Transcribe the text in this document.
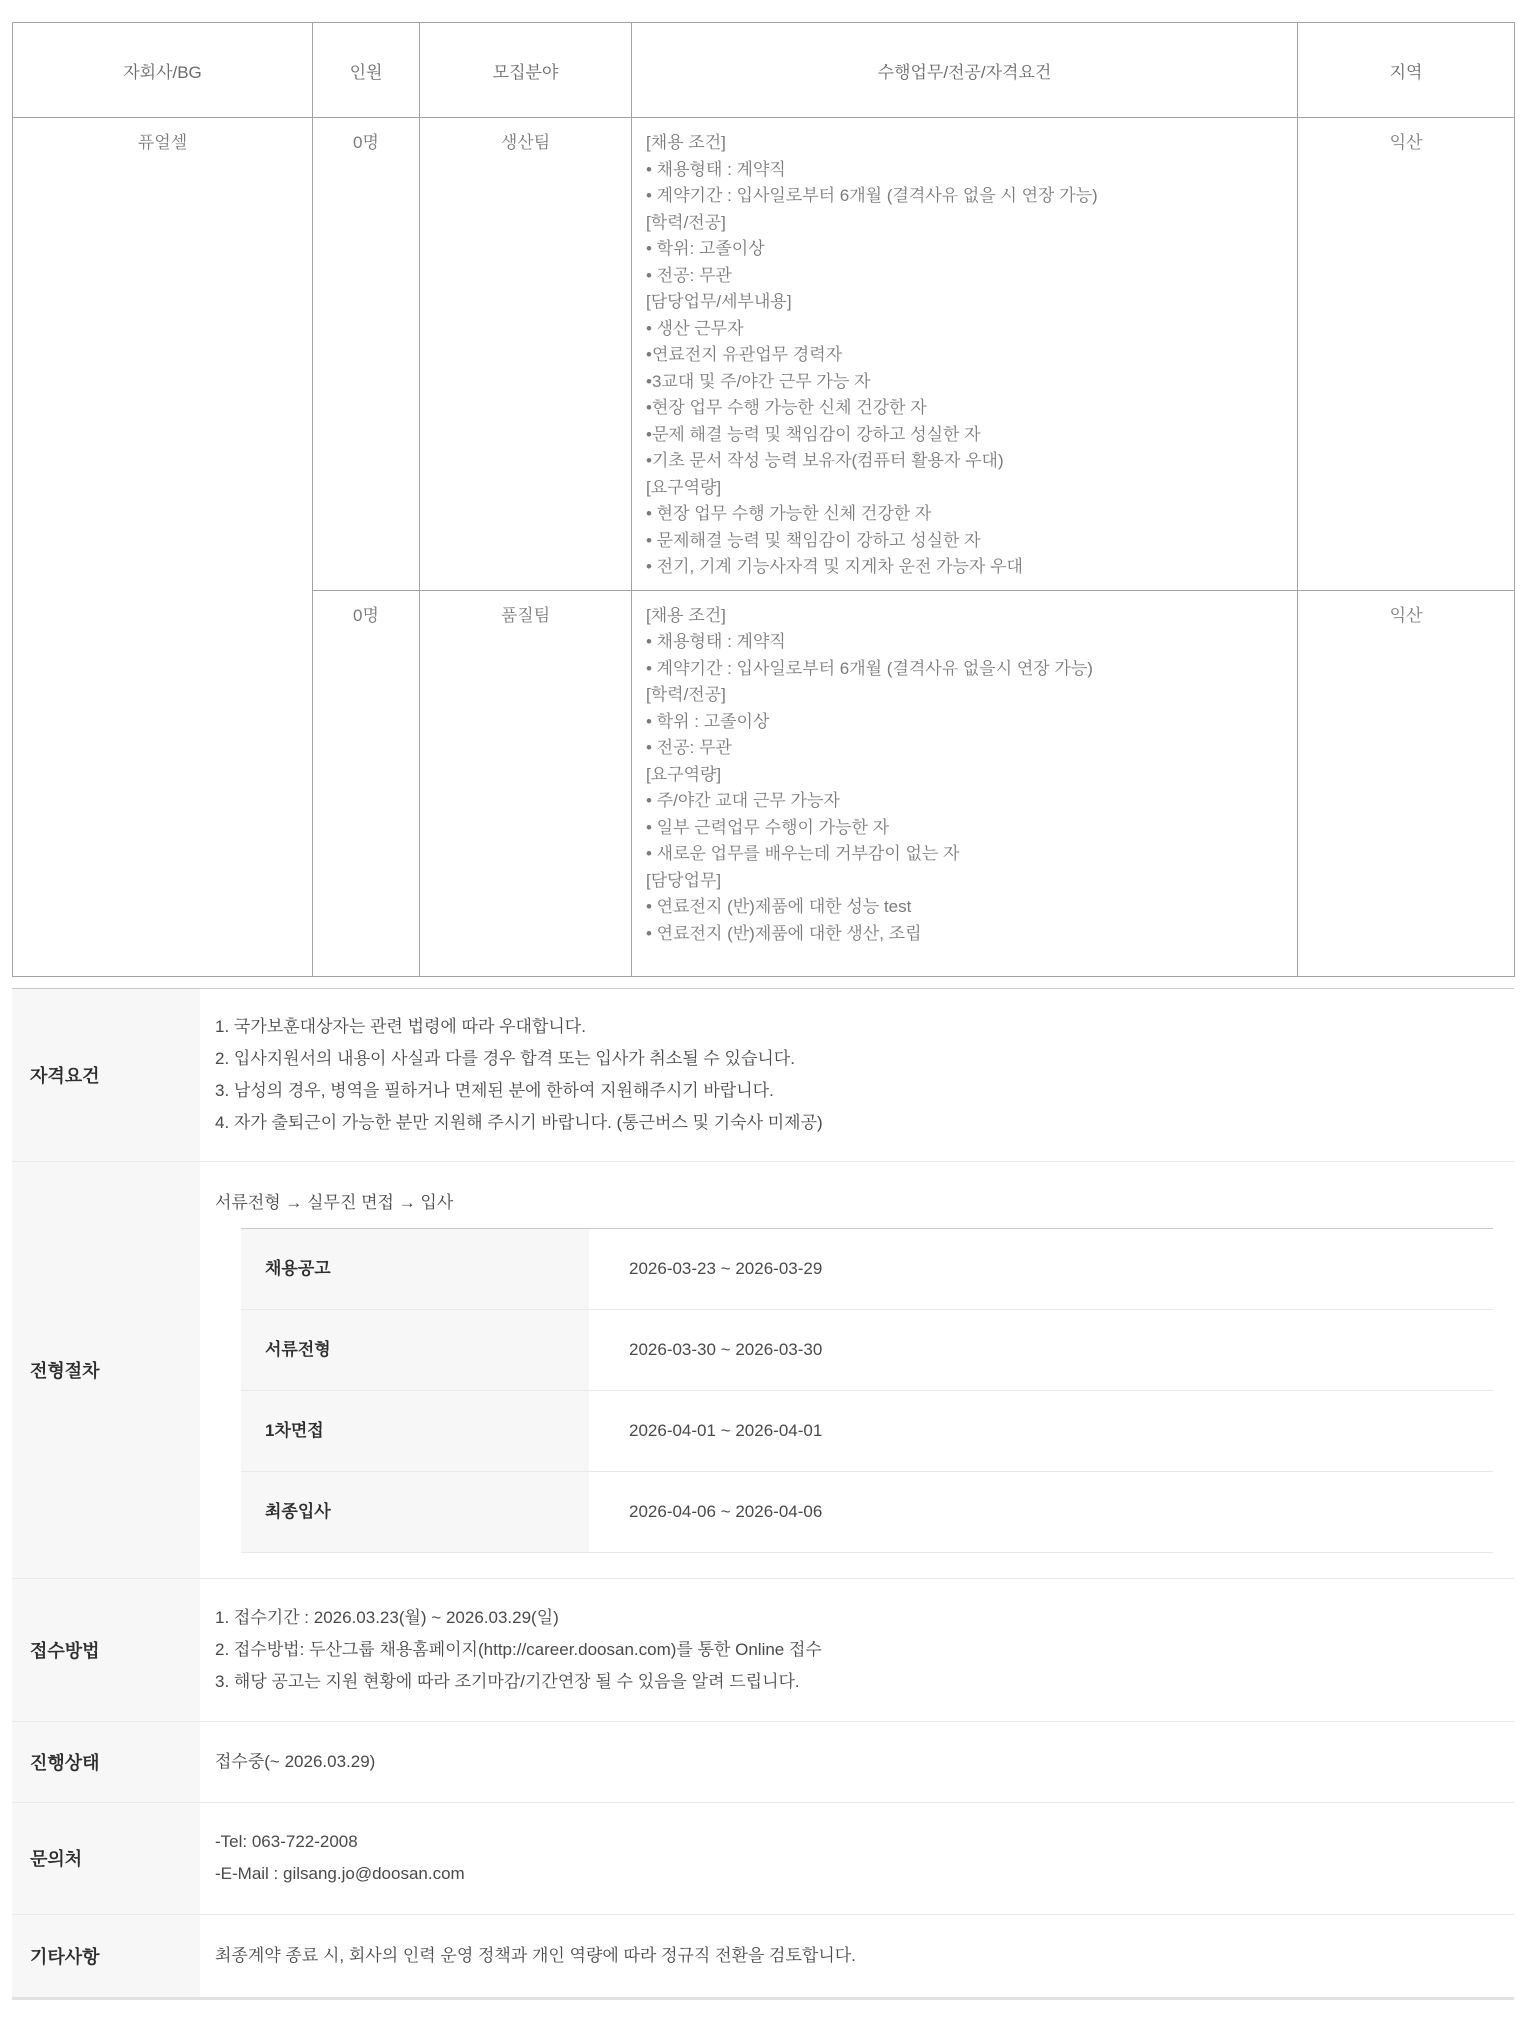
자회사/BG	인원	모집분야	수행업무/전공/자격요건	지역
퓨얼셀	0명	생산팀	[채용 조건]
• 채용형태 : 계약직
• 계약기간 : 입사일로부터 6개월 (결격사유 없을 시 연장 가능)
[학력/전공]
• 학위: 고졸이상
• 전공: 무관
[담당업무/세부내용]
• 생산 근무자
•연료전지 유관업무 경력자
•3교대 및 주/야간 근무 가능 자
•현장 업무 수행 가능한 신체 건강한 자
•문제 해결 능력 및 책임감이 강하고 성실한 자
•기초 문서 작성 능력 보유자(컴퓨터 활용자 우대)
[요구역량]
• 현장 업무 수행 가능한 신체 건강한 자
• 문제해결 능력 및 책임감이 강하고 성실한 자
• 전기, 기계 기능사자격 및 지게차 운전 가능자 우대
	익산
0명	품질팀	[채용 조건]
• 채용형태 : 계약직
• 계약기간 : 입사일로부터 6개월 (결격사유 없을시 연장 가능)
[학력/전공]
• 학위 : 고졸이상
• 전공: 무관
[요구역량]
• 주/야간 교대 근무 가능자
• 일부 근력업무 수행이 가능한 자
• 새로운 업무를 배우는데 거부감이 없는 자
[담당업무]
• 연료전지 (반)제품에 대한 성능 test
• 연료전지 (반)제품에 대한 생산, 조립
	익산
자격요건
1. 국가보훈대상자는 관련 법령에 따라 우대합니다.
2. 입사지원서의 내용이 사실과 다를 경우 합격 또는 입사가 취소될 수 있습니다.
3. 남성의 경우, 병역을 필하거나 면제된 분에 한하여 지원해주시기 바랍니다.
4. 자가 출퇴근이 가능한 분만 지원해 주시기 바랍니다. (통근버스 및 기숙사 미제공)
전형절차
서류전형 → 실무진 면접 → 입사
채용공고	2026-03-23 ~ 2026-03-29
서류전형	2026-03-30 ~ 2026-03-30
1차면접	2026-04-01 ~ 2026-04-01
최종입사	2026-04-06 ~ 2026-04-06
접수방법
1. 접수기간 : 2026.03.23(월) ~ 2026.03.29(일)
2. 접수방법: 두산그룹 채용홈페이지(http://career.doosan.com)를 통한 Online 접수
3. 해당 공고는 지원 현황에 따라 조기마감/기간연장 될 수 있음을 알려 드립니다.
진행상태	접수중(~ 2026.03.29)
문의처
-Tel: 063-722-2008
-E-Mail : gilsang.jo@doosan.com
기타사항	최종계약 종료 시, 회사의 인력 운영 정책과 개인 역량에 따라 정규직 전환을 검토합니다.
